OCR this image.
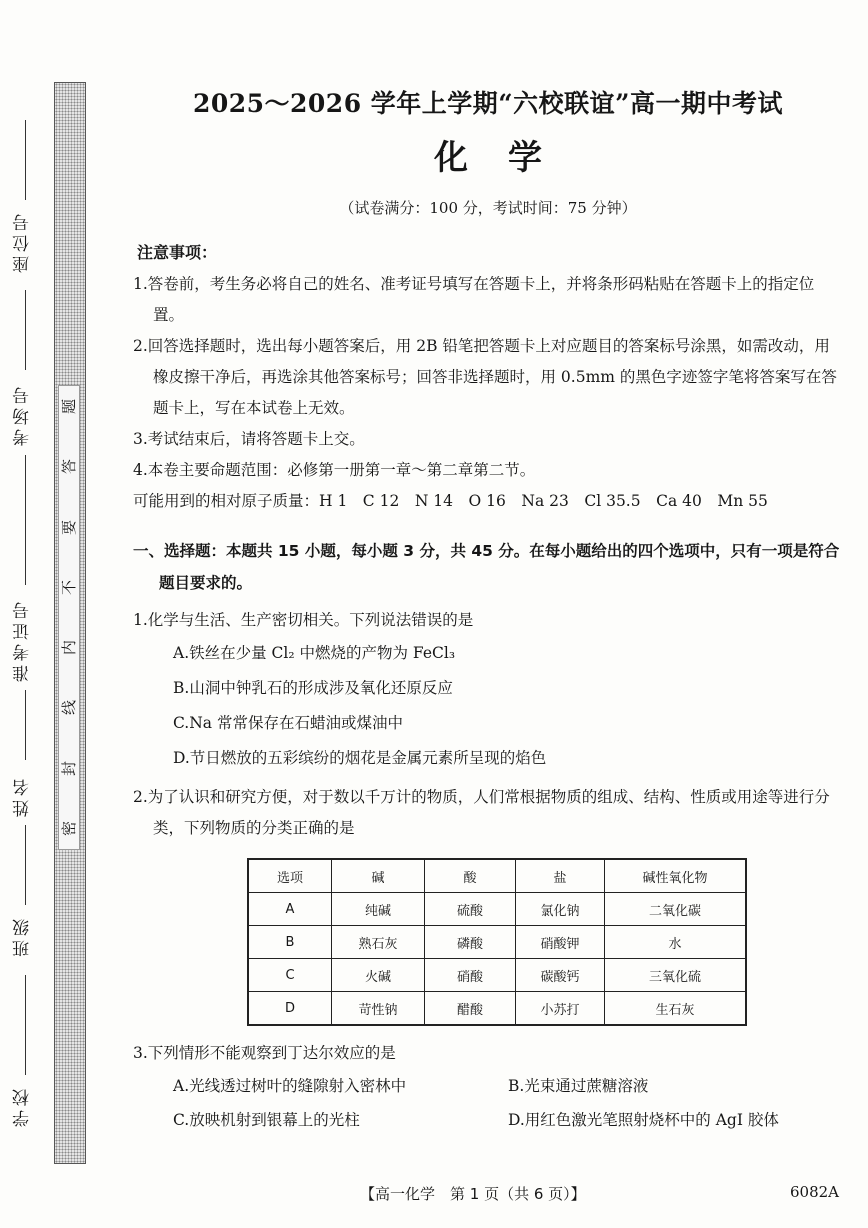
座位号
考场号
准考证号
姓名
班级
学校
题
答
要
不
内
线
封
密
2025～2026 学年上学期“六校联谊”高一期中考试
化学
（试卷满分：100 分，考试时间：75 分钟）
注意事项：

1.答卷前，考生务必将自己的姓名、准考证号填写在答题卡上，并将条形码粘贴在答题卡上的指定位置。

2.回答选择题时，选出每小题答案后，用 2B 铅笔把答题卡上对应题目的答案标号涂黑，如需改动，用橡皮擦干净后，再选涂其他答案标号；回答非选择题时，用 0.5mm 的黑色字迹签字笔将答案写在答题卡上，写在本试卷上无效。

3.考试结束后，请将答题卡上交。

4.本卷主要命题范围：必修第一册第一章～第二章第二节。

可能用到的相对原子质量：H 1　C 12　N 14　O 16　Na 23　Cl 35.5　Ca 40　Mn 55

一、选择题：本题共 15 小题，每小题 3 分，共 45 分。在每小题给出的四个选项中，只有一项是符合题目要求的。

1.化学与生活、生产密切相关。下列说法错误的是

A.铁丝在少量 Cl₂ 中燃烧的产物为 FeCl₃

B.山洞中钟乳石的形成涉及氧化还原反应

C.Na 常常保存在石蜡油或煤油中

D.节日燃放的五彩缤纷的烟花是金属元素所呈现的焰色

2.为了认识和研究方便，对于数以千万计的物质，人们常根据物质的组成、结构、性质或用途等进行分类，下列物质的分类正确的是

选项	碱	酸	盐	碱性氧化物
A	纯碱	硫酸	氯化钠	二氧化碳
B	熟石灰	磷酸	硝酸钾	水
C	火碱	硝酸	碳酸钙	三氧化硫
D	苛性钠	醋酸	小苏打	生石灰

3.下列情形不能观察到丁达尔效应的是

A.光线透过树叶的缝隙射入密林中	B.光束通过蔗糖溶液
C.放映机射到银幕上的光柱	D.用红色激光笔照射烧杯中的 AgI 胶体
【高一化学　第 1 页（共 6 页）】	6082A
